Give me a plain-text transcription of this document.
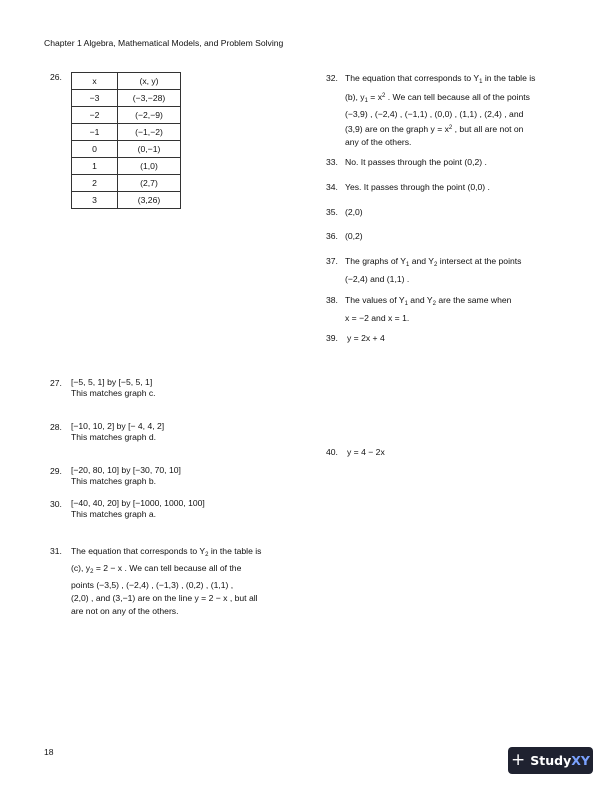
Chapter 1 Algebra, Mathematical Models, and Problem Solving
26.	x	(x, y)
−3	(−3,−28)
−2	(−2,−9)
−1	(−1,−2)
0	(0,−1)
1	(1,0)
2	(2,7)
3	(3,26)
27. [−5, 5, 1] by [−5, 5, 1]
This matches graph c.
28. [−10, 10, 2] by [− 4, 4, 2]
This matches graph d.
29. [−20, 80, 10] by [−30, 70, 10]
This matches graph b.
30. [−40, 40, 20] by [−1000, 1000, 100]
This matches graph a.
31. The equation that corresponds to $Y_2$ in the table is
(c), $y_2 = 2 - x$ . We can tell because all of the
points (−3,5) , (−2,4) , (−1,3) , (0,2) , (1,1) ,
(2,0) , and (3,−1) are on the line y = 2 − x , but all
are not on any of the others.
32. The equation that corresponds to $Y_1$ in the table is
(b), $y_1 = x^2$ . We can tell because all of the points
(−3,9) , (−2,4) , (−1,1) , (0,0) , (1,1) , (2,4) , and
(3,9) are on the graph $y = x^2$ , but all are not on
any of the others.
33. No. It passes through the point (0,2) .
34. Yes. It passes through the point (0,0) .
35. (2,0)
36. (0,2)
37. The graphs of $Y_1$ and $Y_2$ intersect at the points
(−2,4) and (1,1) .
38. The values of $Y_1$ and $Y_2$ are the same when
x = −2 and x = 1.
39. y = 2x + 4
40. y = 4 − 2x
18	+ Study XY
